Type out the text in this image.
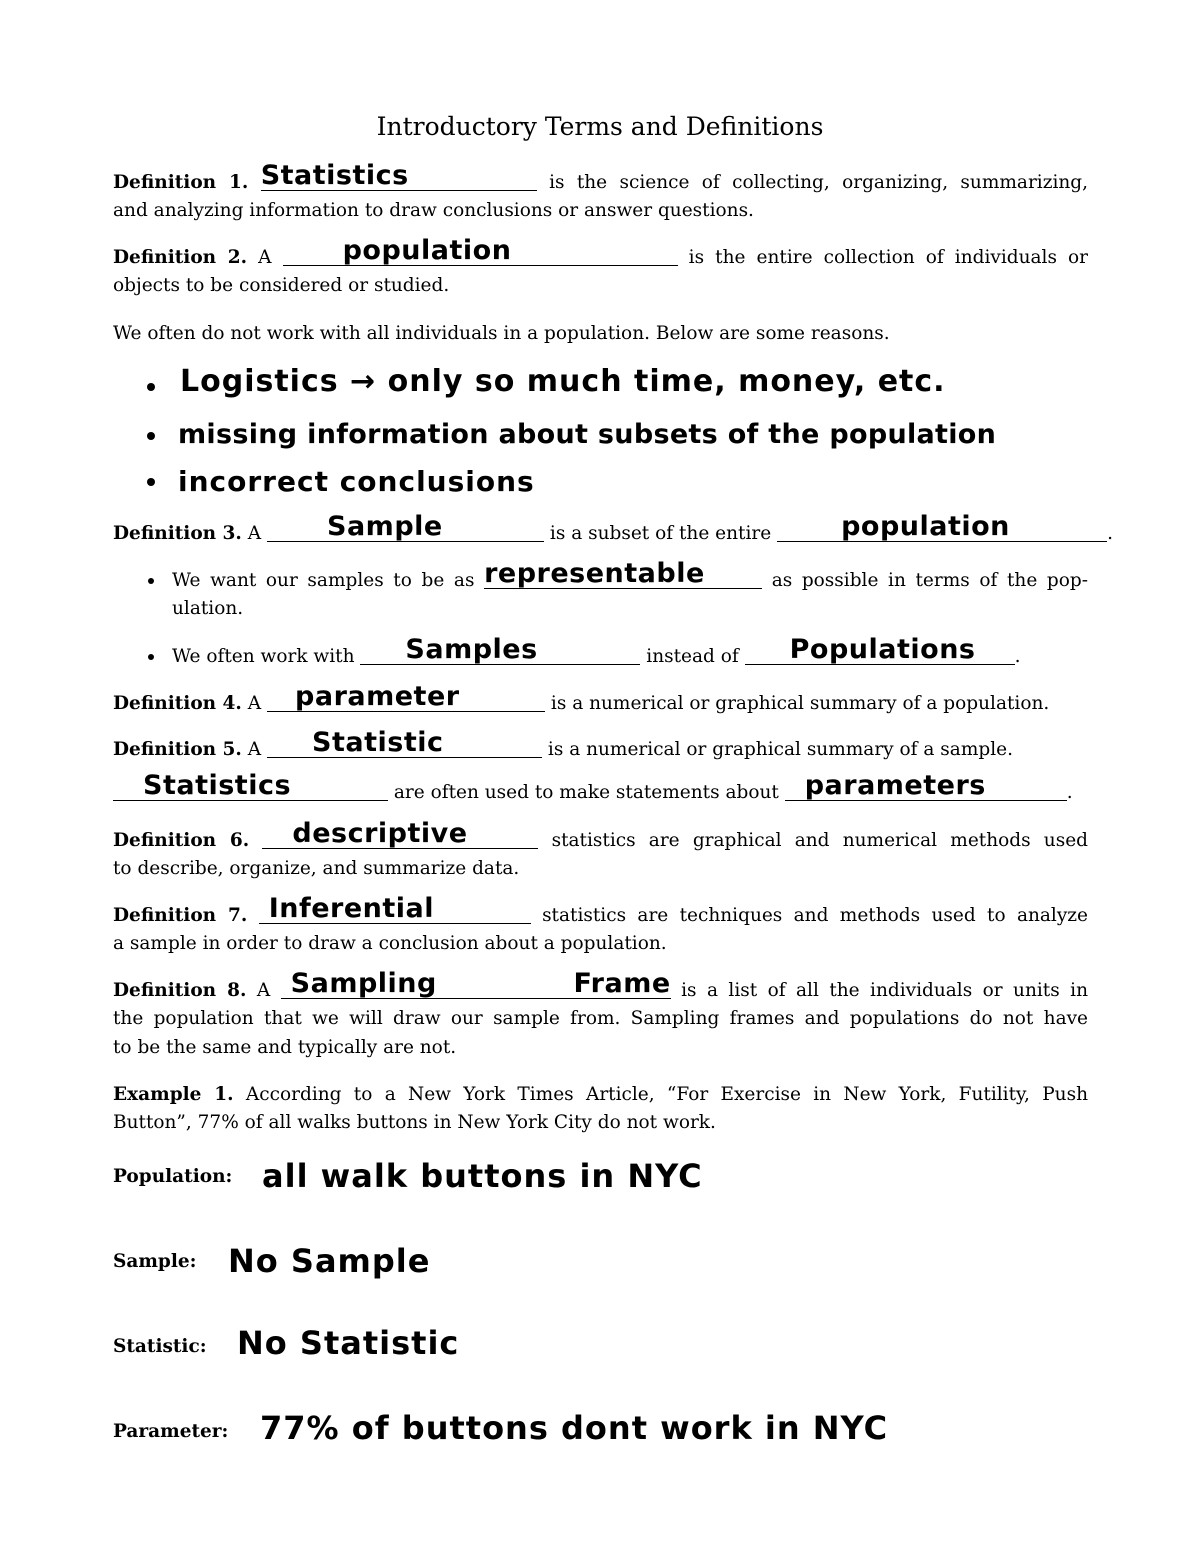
Introductory Terms and Definitions
Definition 1. Statistics	is the science of collecting, organizing, summarizing,
and analyzing information to draw conclusions or answer questions.
Definition 2. A	population	is the entire collection of individuals or
objects to be considered or studied.
We often do not work with all individuals in a population. Below are some reasons.
Logistics → only so much time, money, etc.
missing information about subsets of the population
incorrect conclusions
Definition 3. A	Sample	is a subset of the entire	population	.
We want our samples to be as representable	as possible in terms of the pop-
ulation.
We often work with	Samples	instead of	Populations	.
Definition 4. A	parameter	is a numerical or graphical summary of a population.
Definition 5. A	Statistic	is a numerical or graphical summary of a sample.
Statistics	are often used to make statements about parameters	.
Definition 6.	descriptive	statistics are graphical and numerical methods used
to describe, organize, and summarize data.
Definition 7. Inferential	statistics are techniques and methods used to analyze
a sample in order to draw a conclusion about a population.
Definition 8. A Sampling Frame is a list of all the individuals or units in
the population that we will draw our sample from. Sampling frames and populations do not have
to be the same and typically are not.
Example 1. According to a New York Times Article, “For Exercise in New York, Futility, Push
Button”, 77% of all walks buttons in New York City do not work.
Population: all walk buttons in NYC
Sample: No Sample
Statistic: No Statistic
Parameter: 77% of buttons dont work in NYC
